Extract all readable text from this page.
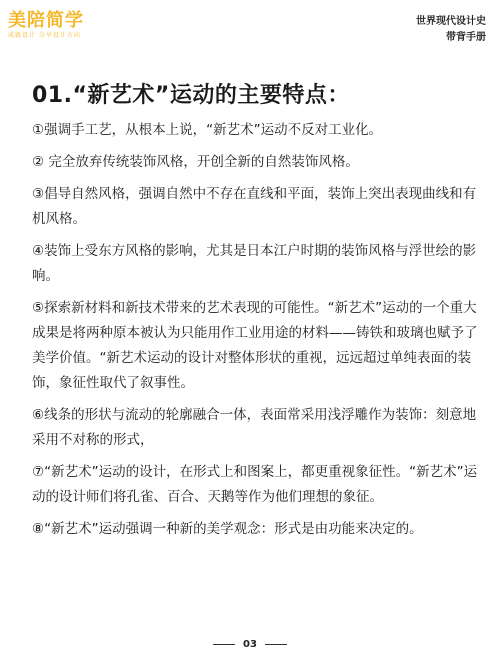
美陪简学
成就设计 分享设计方向
世界现代设计史
带背手册
01.“新艺术”运动的主要特点：

①强调手工艺，从根本上说，“新艺术”运动不反对工业化。

② 完全放弃传统装饰风格，开创全新的自然装饰风格。

③倡导自然风格，强调自然中不存在直线和平面，装饰上突出表现曲线和有机风格。

④装饰上受东方风格的影响，尤其是日本江户时期的装饰风格与浮世绘的影响。

⑤探索新材料和新技术带来的艺术表现的可能性。“新艺术”运动的一个重大成果是将两种原本被认为只能用作工业用途的材料——铸铁和玻璃也赋予了美学价值。“新艺术运动的设计对整体形状的重视，远远超过单纯表面的装饰，象征性取代了叙事性。

⑥线条的形状与流动的轮廓融合一体，表面常采用浅浮雕作为装饰：刻意地采用不对称的形式，

⑦“新艺术”运动的设计，在形式上和图案上，都更重视象征性。“新艺术”运动的设计师们将孔雀、百合、天鹅等作为他们理想的象征。

⑧“新艺术”运动强调一种新的美学观念：形式是由功能来决定的。

03
